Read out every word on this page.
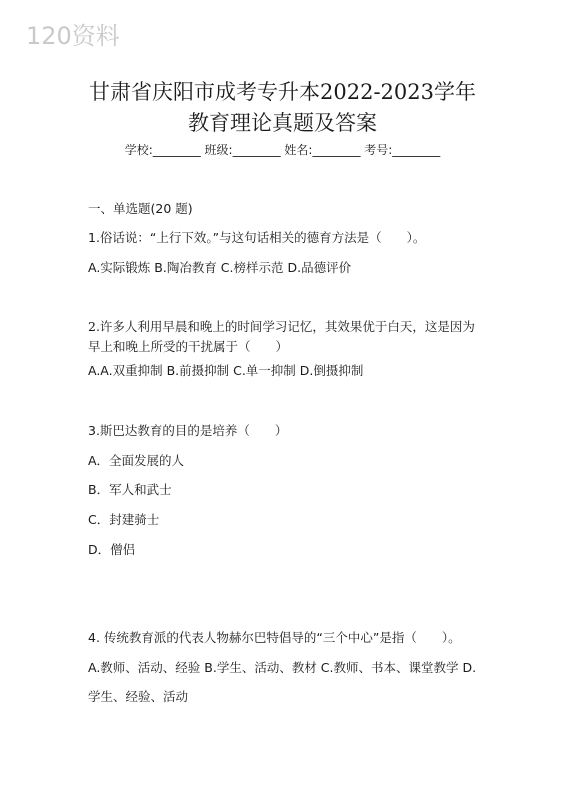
120资料
甘肃省庆阳市成考专升本2022-2023学年
教育理论真题及答案
学校:________ 班级:________ 姓名:________ 考号:________
一、单选题(20 题)
1.俗话说：“上行下效。”与这句话相关的德育方法是（　　）。
A.实际锻炼 B.陶冶教育 C.榜样示范 D.品德评价
2.许多人利用早晨和晚上的时间学习记忆，其效果优于白天，这是因为
早上和晚上所受的干扰属于（　　）
A.A.双重抑制 B.前摄抑制 C.单一抑制 D.倒摄抑制
3.斯巴达教育的目的是培养（　　）
A．全面发展的人
B．军人和武士
C．封建骑士
D．僧侣
4. 传统教育派的代表人物赫尔巴特倡导的“三个中心”是指（　　）。
A.教师、活动、经验 B.学生、活动、教材 C.教师、书本、课堂教学 D.
学生、经验、活动
